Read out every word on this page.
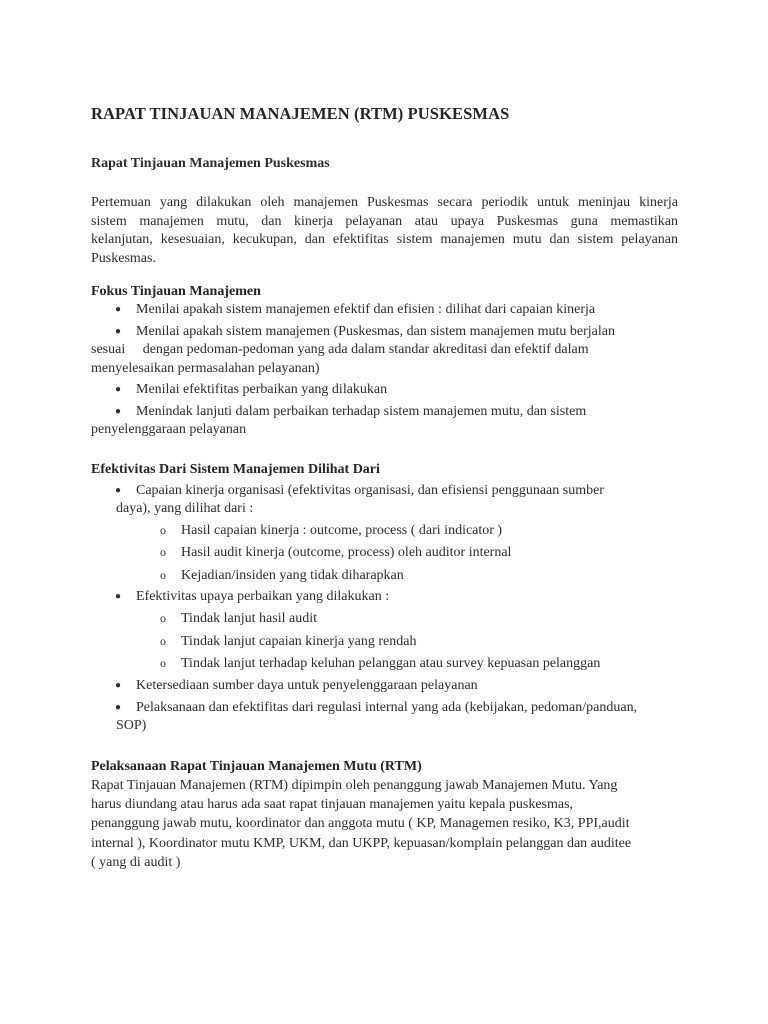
RAPAT TINJAUAN MANAJEMEN (RTM) PUSKESMAS
Rapat Tinjauan Manajemen Puskesmas

Pertemuan yang dilakukan oleh manajemen Puskesmas secara periodik untuk meninjau kinerja
sistem manajemen mutu, dan kinerja pelayanan atau upaya Puskesmas guna memastikan
kelanjutan, kesesuaian, kecukupan, dan efektifitas sistem manajemen mutu dan sistem pelayanan
Puskesmas.

Fokus Tinjauan Manajemen
●	Menilai apakah sistem manajemen efektif dan efisien : dilihat dari capaian kinerja
●	Menilai apakah sistem manajemen (Puskesmas, dan sistem manajemen mutu berjalan
sesuai     dengan pedoman-pedoman yang ada dalam standar akreditasi dan efektif dalam
menyelesaikan permasalahan pelayanan)
●	Menilai efektifitas perbaikan yang dilakukan
●	Menindak lanjuti dalam perbaikan terhadap sistem manajemen mutu, dan sistem
penyelenggaraan pelayanan
Efektivitas Dari Sistem Manajemen Dilihat Dari
●	Capaian kinerja organisasi (efektivitas organisasi, dan efisiensi penggunaan sumber
daya), yang dilihat dari :
o Hasil capaian kinerja : outcome, process ( dari indicator )
o Hasil audit kinerja (outcome, process) oleh auditor internal
o Kejadian/insiden yang tidak diharapkan
●	Efektivitas upaya perbaikan yang dilakukan :
o Tindak lanjut hasil audit
o Tindak lanjut capaian kinerja yang rendah
o Tindak lanjut terhadap keluhan pelanggan atau survey kepuasan pelanggan
●	Ketersediaan sumber daya untuk penyelenggaraan pelayanan
●	Pelaksanaan dan efektifitas dari regulasi internal yang ada (kebijakan, pedoman/panduan,
SOP)
Pelaksanaan Rapat Tinjauan Manajemen Mutu (RTM)

Rapat Tinjauan Manajemen (RTM) dipimpin oleh penanggung jawab Manajemen Mutu. Yang
harus diundang atau harus ada saat rapat tinjauan manajemen yaitu kepala puskesmas,
penanggung jawab mutu, koordinator dan anggota mutu ( KP, Managemen resiko, K3, PPI,audit
internal ), Koordinator mutu KMP, UKM, dan UKPP, kepuasan/komplain pelanggan dan auditee
( yang di audit )
